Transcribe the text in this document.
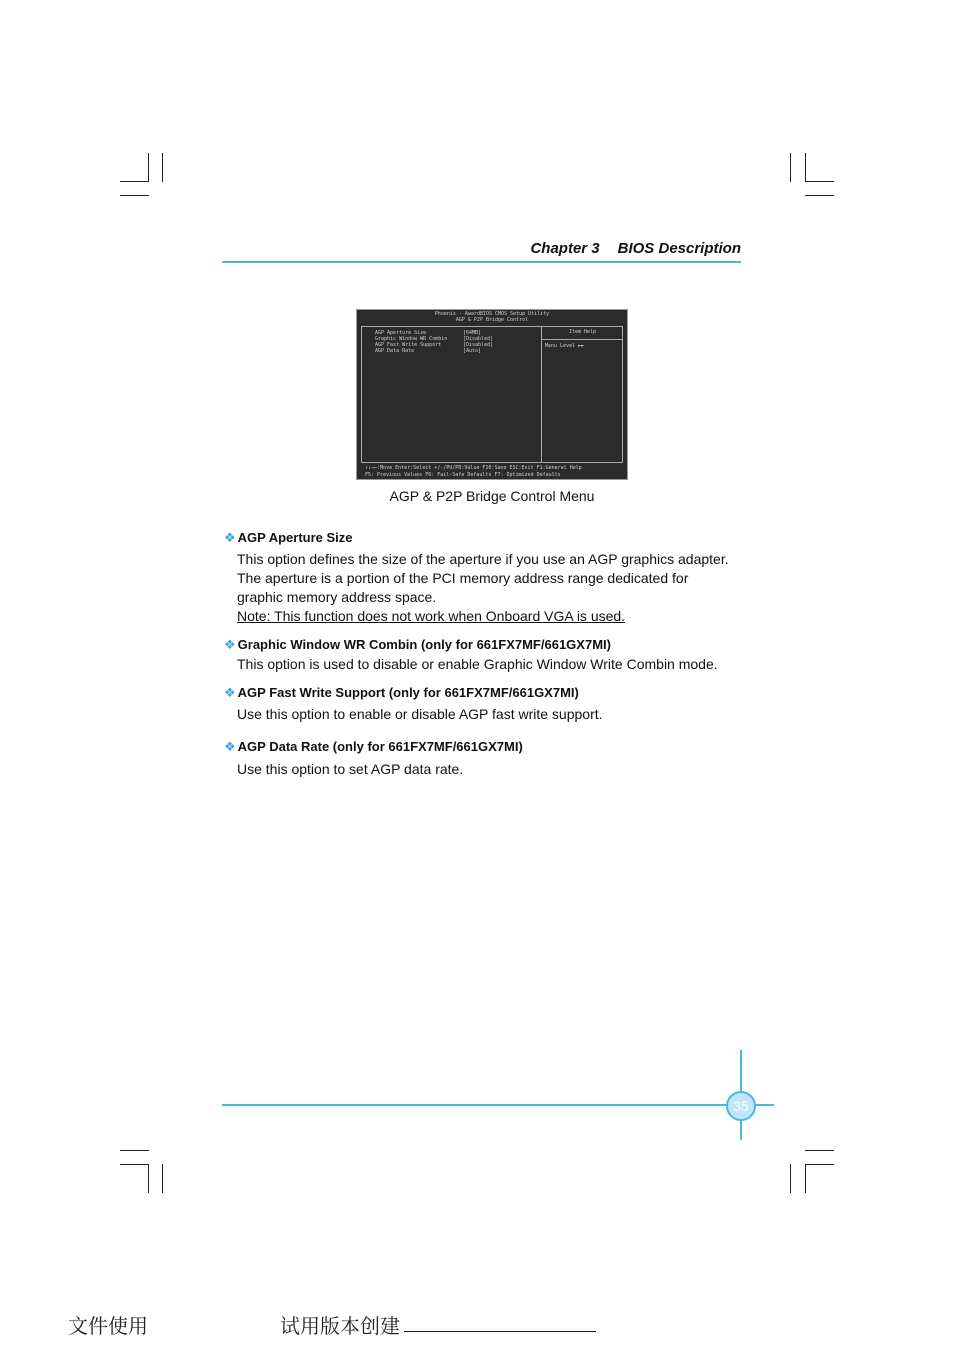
Chapter 3 BIOS Description
Phoenix - AwardBIOS CMOS Setup Utility
AGP & P2P Bridge Control
Item Help
Menu Level ►►
AGP Aperture Size	[64MB]
Graphic Window WR Combin	[Disabled]
AGP Fast Write Support	[Disabled]
AGP Data Rate	[Auto]
↑↓→←:Move Enter:Select +/-/PU/PD:Value F10:Save ESC:Exit F1:General Help
F5: Previous Values F6: Fail-Safe Defaults F7: Optimized Defaults
AGP & P2P Bridge Control Menu
❖ AGP Aperture Size

This option defines the size of the aperture if you use an AGP graphics adapter.

The aperture is a portion of the PCI memory address range dedicated for

graphic memory address space.

Note: This function does not work when Onboard VGA is used.

❖ Graphic Window WR Combin (only for 661FX7MF/661GX7MI)

This option is used to disable or enable Graphic Window Write Combin mode.

❖ AGP Fast Write Support (only for 661FX7MF/661GX7MI)

Use this option to enable or disable AGP fast write support.

❖ AGP Data Rate (only for 661FX7MF/661GX7MI)

Use this option to set AGP data rate.

35
文件使用	试用版本创建
